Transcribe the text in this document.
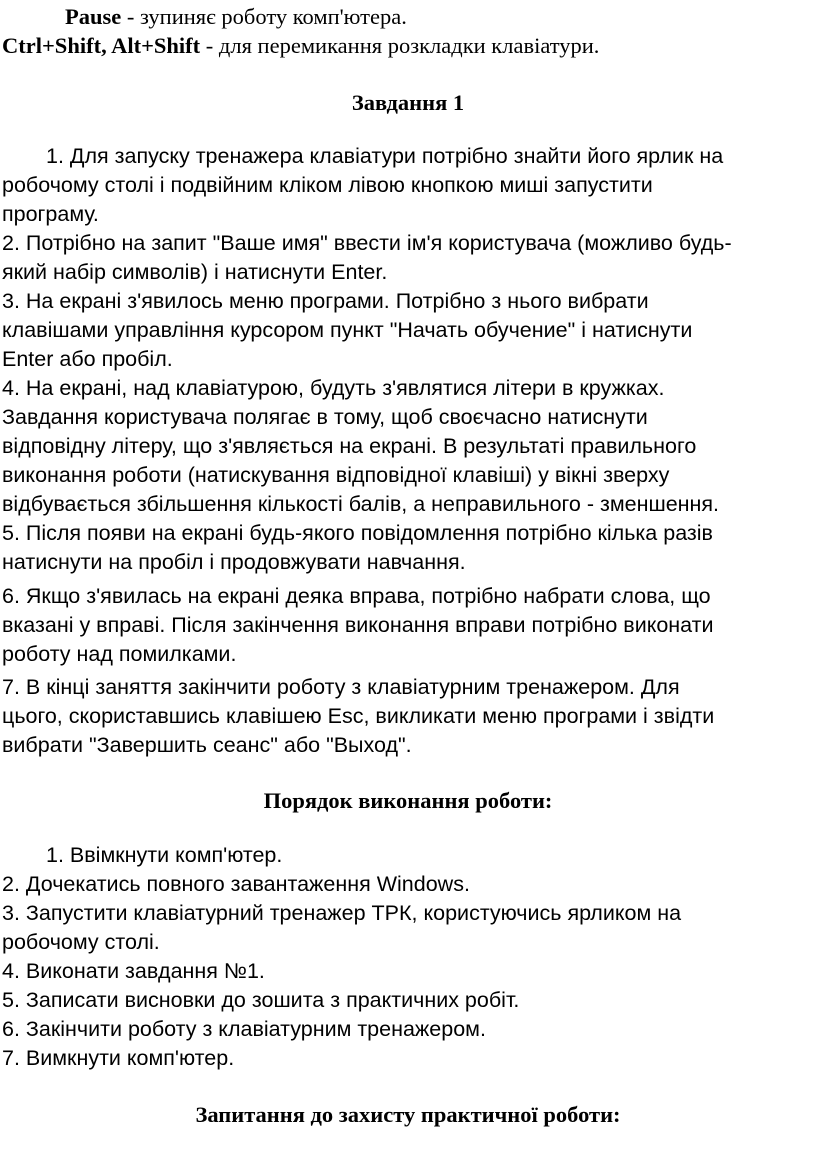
Pause - зупиняє роботу комп'ютера.
Ctrl+Shift, Alt+Shift - для перемикання розкладки клавіатури.
Завдання 1
1. Для запуску тренажера клавіатури потрібно знайти його ярлик на
робочому столі і подвійним кліком лівою кнопкою миші запустити
програму.
2. Потрібно на запит "Ваше имя" ввести ім'я користувача (можливо будь-
який набір символів) і натиснути Enter.
3. На екрані з'явилось меню програми. Потрібно з нього вибрати
клавішами управління курсором пункт "Начать обучение" і натиснути
Enter або пробіл.
4. На екрані, над клавіатурою, будуть з'являтися літери в кружках.
Завдання користувача полягає в тому, щоб своєчасно натиснути
відповідну літеру, що з'являється на екрані. В результаті правильного
виконання роботи (натискування відповідної клавіші) у вікні зверху
відбувається збільшення кількості балів, а неправильного - зменшення.
5. Після появи на екрані будь-якого повідомлення потрібно кілька разів
натиснути на пробіл і продовжувати навчання.
6. Якщо з'явилась на екрані деяка вправа, потрібно набрати слова, що
вказані у вправі. Після закінчення виконання вправи потрібно виконати
роботу над помилками.
7. В кінці заняття закінчити роботу з клавіатурним тренажером. Для
цього, скориставшись клавішею Esc, викликати меню програми і звідти
вибрати "Завершить сеанс" або "Выход".
Порядок виконання роботи:
1. Ввімкнути комп'ютер.
2. Дочекатись повного завантаження Windows.
3. Запустити клавіатурний тренажер ТРК, користуючись ярликом на
робочому столі.
4. Виконати завдання №1.
5. Записати висновки до зошита з практичних робіт.
6. Закінчити роботу з клавіатурним тренажером.
7. Вимкнути комп'ютер.
Запитання до захисту практичної роботи:
